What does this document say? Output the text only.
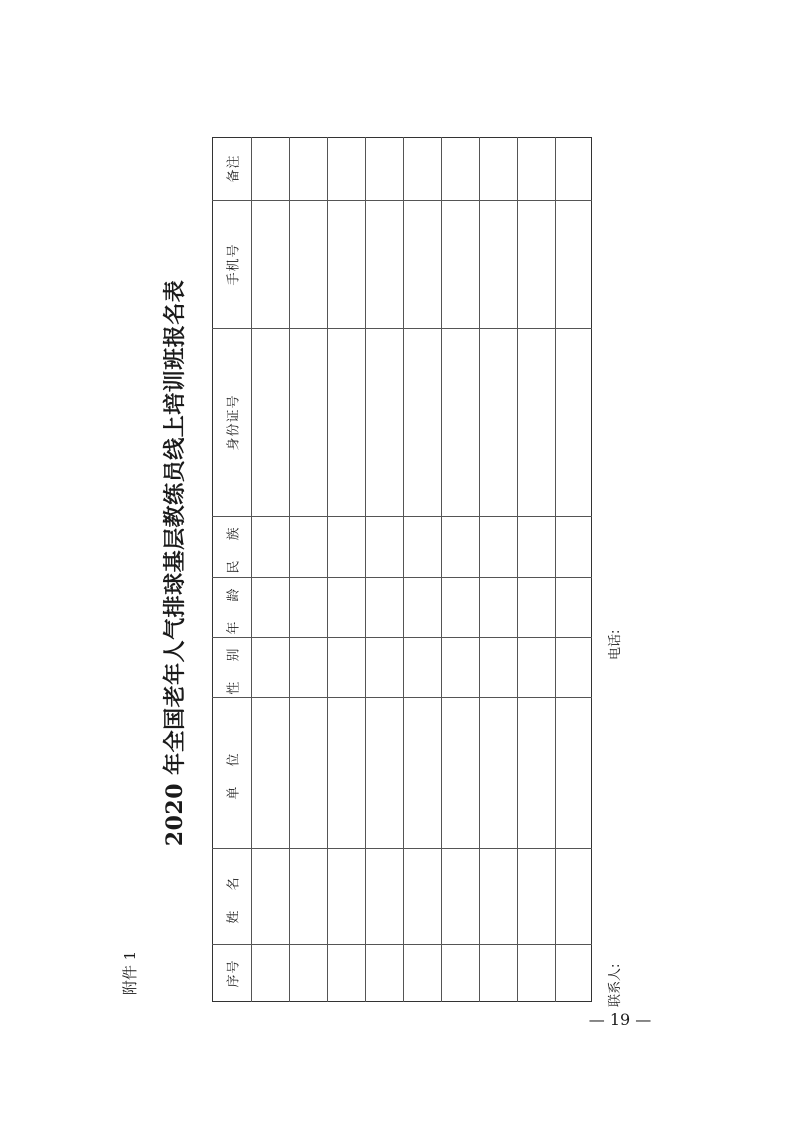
附件 1
2020 年全国老年人气排球基层教练员线上培训班报名表
序号
姓 名
单 位
性 别
年 龄
民 族
身份证号
手机号
备注
联系人:
电话:
— 19 —
